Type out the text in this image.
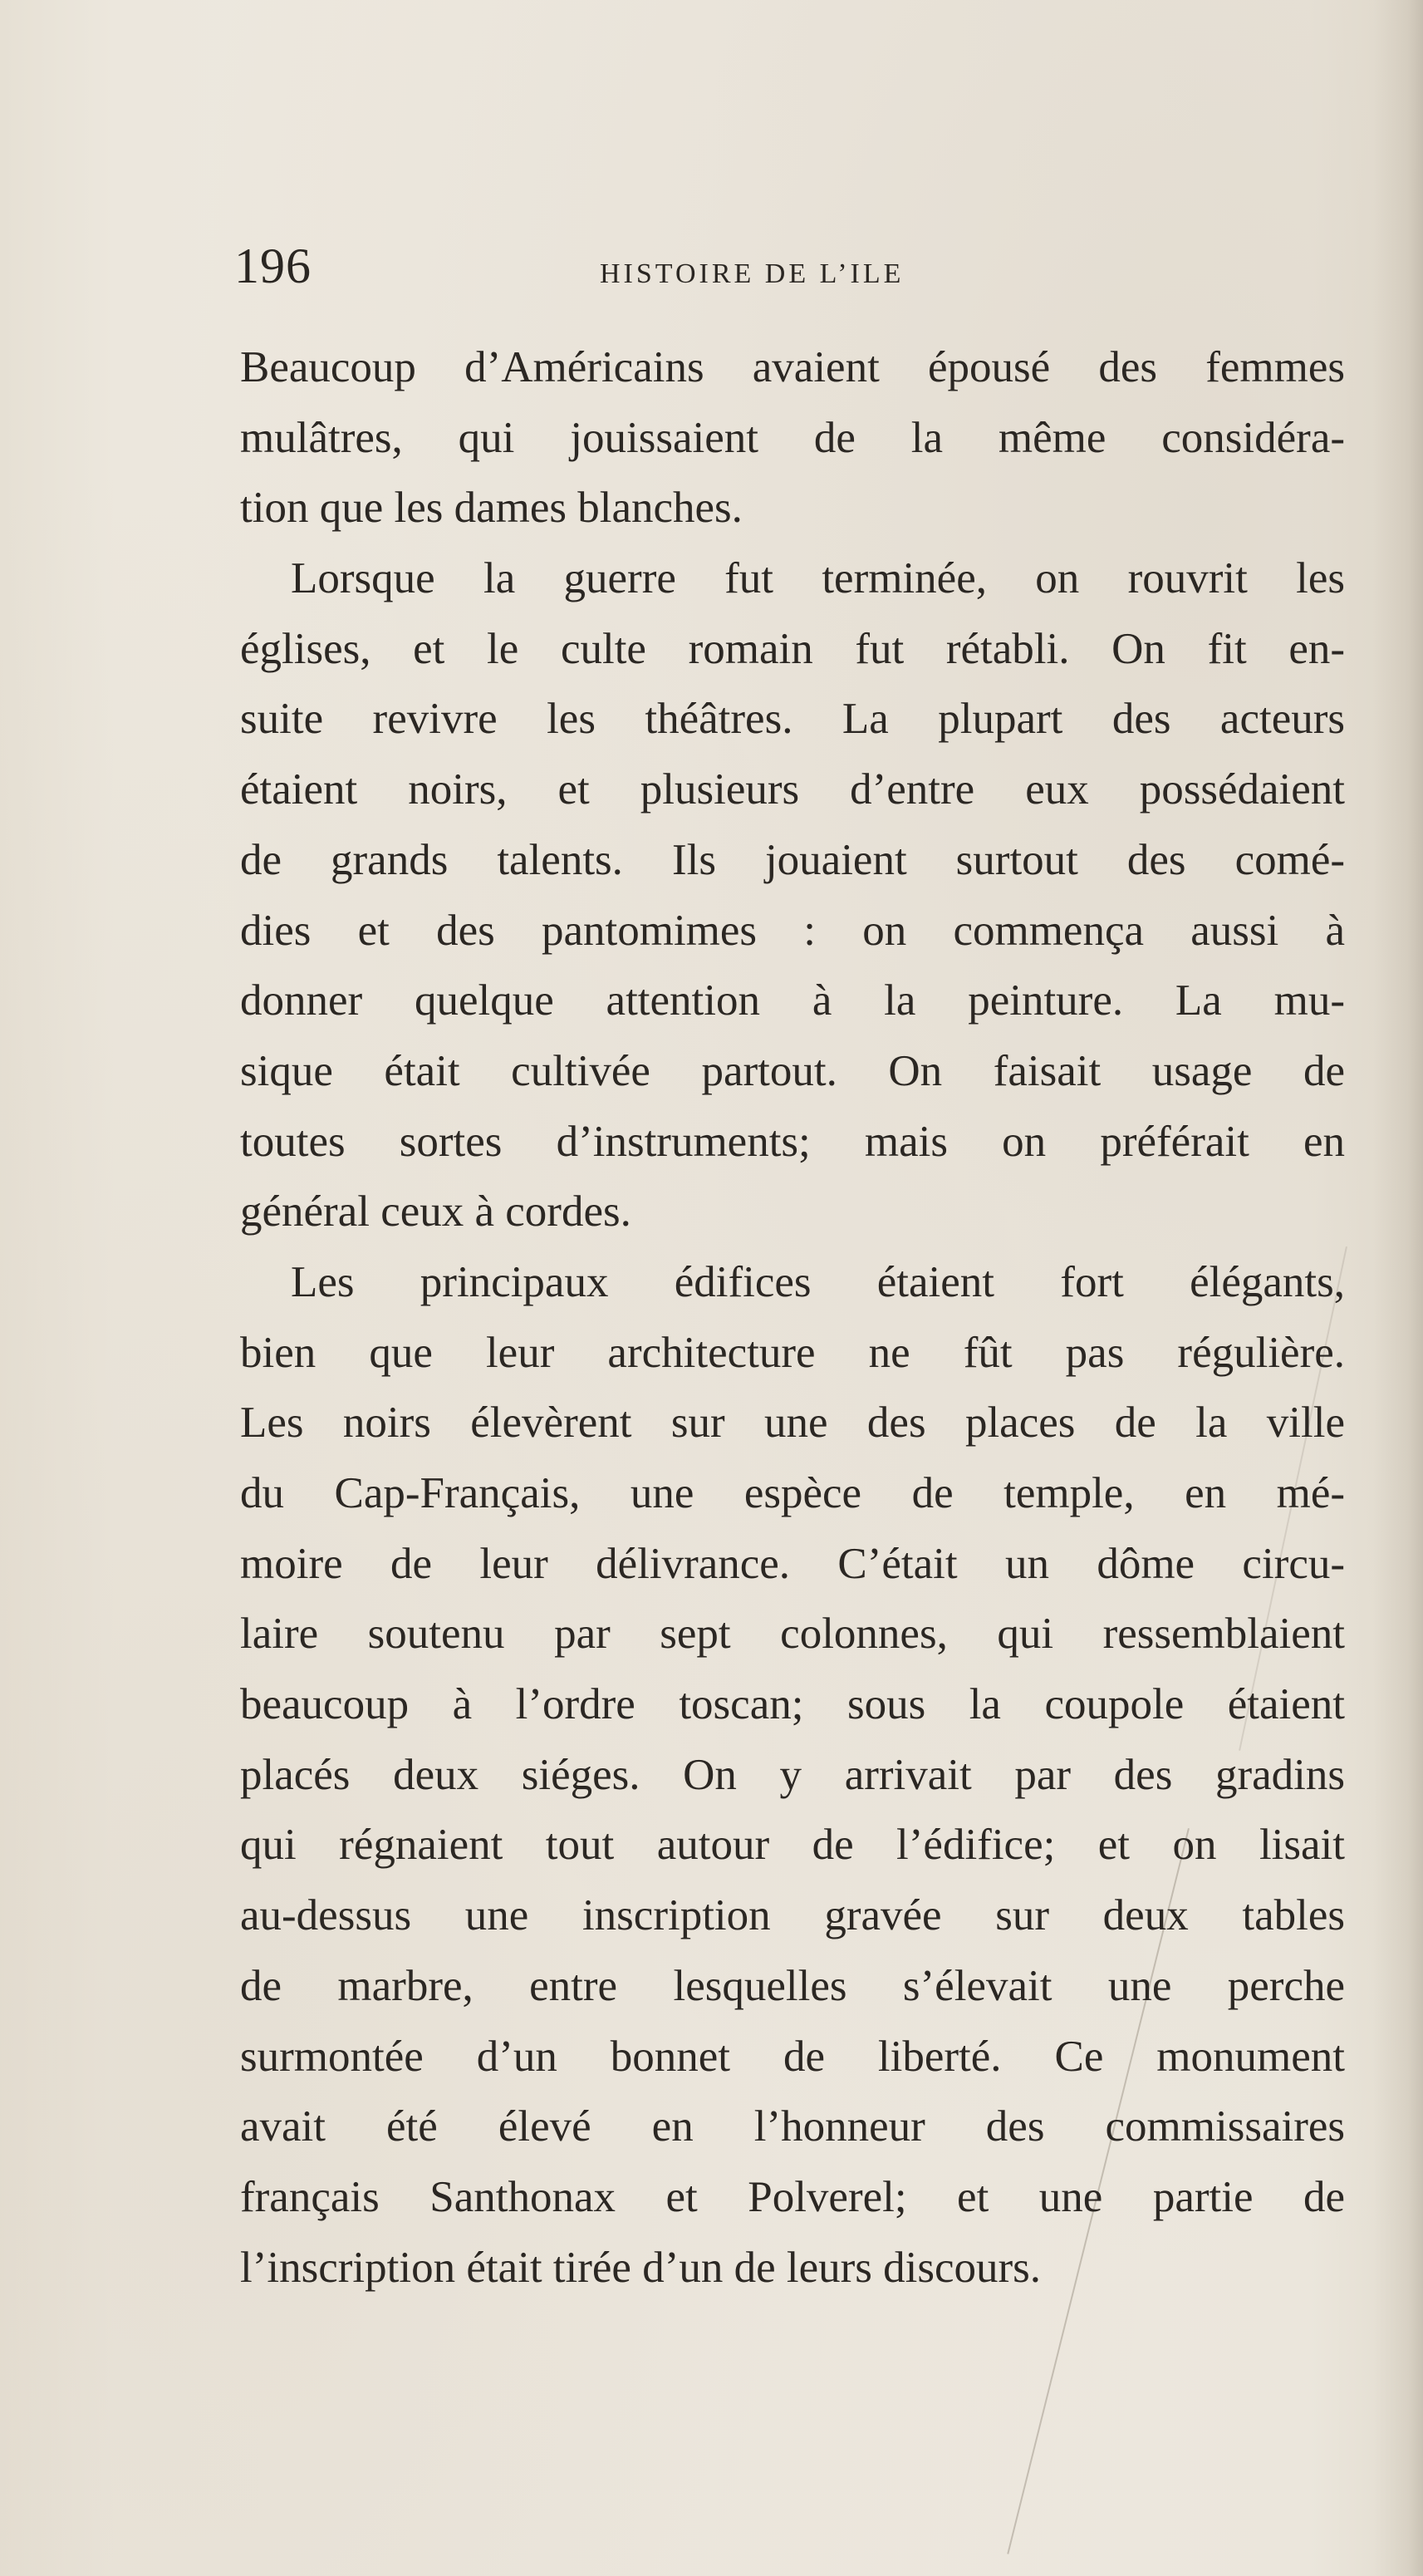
196	HISTOIRE DE L’ILE
Beaucoup d’Américains avaient épousé des femmes
mulâtres, qui jouissaient de la même considéra-
tion que les dames blanches.
Lorsque la guerre fut terminée, on rouvrit les
églises, et le culte romain fut rétabli. On fit en-
suite revivre les théâtres. La plupart des acteurs
étaient noirs, et plusieurs d’entre eux possédaient
de grands talents. Ils jouaient surtout des comé-
dies et des pantomimes : on commença aussi à
donner quelque attention à la peinture. La mu-
sique était cultivée partout. On faisait usage de
toutes sortes d’instruments; mais on préférait en
général ceux à cordes.
Les principaux édifices étaient fort élégants,
bien que leur architecture ne fût pas régulière.
Les noirs élevèrent sur une des places de la ville
du Cap-Français, une espèce de temple, en mé-
moire de leur délivrance. C’était un dôme circu-
laire soutenu par sept colonnes, qui ressemblaient
beaucoup à l’ordre toscan; sous la coupole étaient
placés deux siéges. On y arrivait par des gradins
qui régnaient tout autour de l’édifice; et on lisait
au-dessus une inscription gravée sur deux tables
de marbre, entre lesquelles s’élevait une perche
surmontée d’un bonnet de liberté. Ce monument
avait été élevé en l’honneur des commissaires
français Santhonax et Polverel; et une partie de
l’inscription était tirée d’un de leurs discours.
